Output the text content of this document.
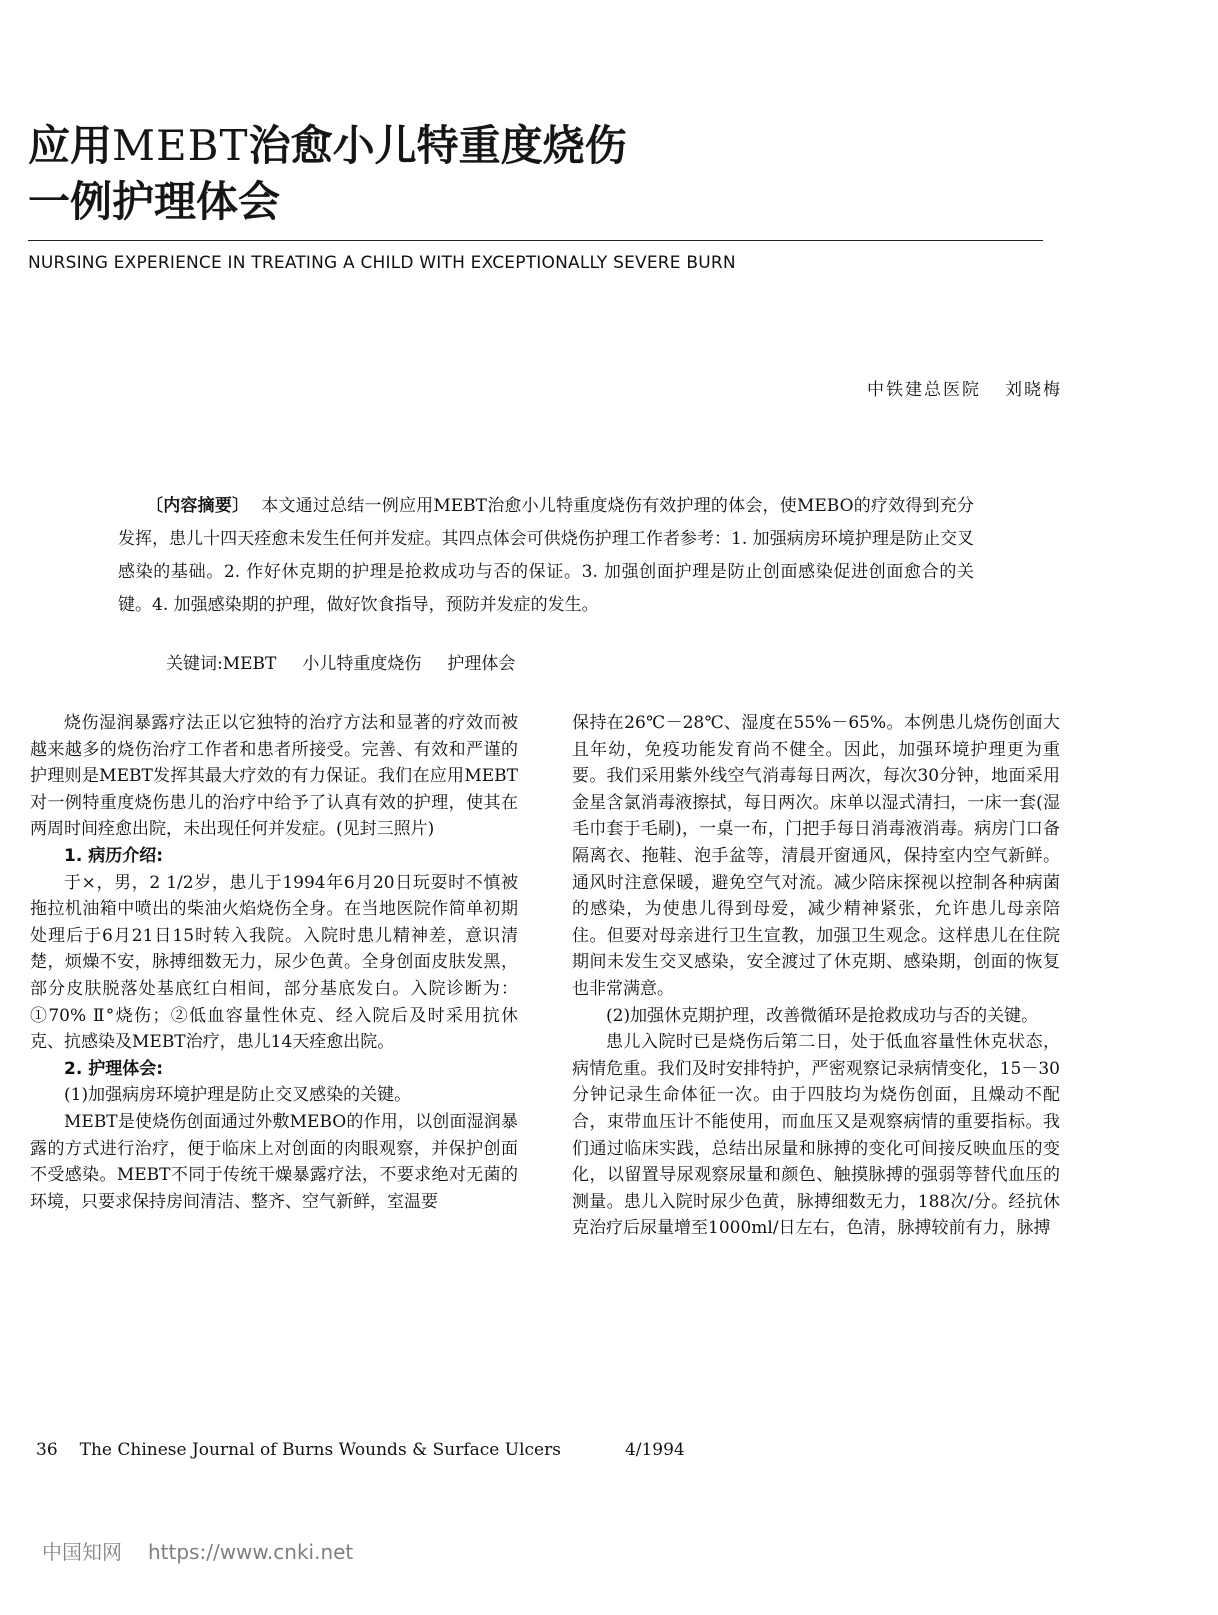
应用MEBT治愈小儿特重度烧伤
一例护理体会
NURSING EXPERIENCE IN TREATING A CHILD WITH EXCEPTIONALLY SEVERE BURN
中铁建总医院 刘晓梅

〔内容摘要〕 本文通过总结一例应用MEBT治愈小儿特重度烧伤有效护理的体会，使MEBO的疗效得到充分发挥，患儿十四天痊愈未发生任何并发症。其四点体会可供烧伤护理工作者参考：1. 加强病房环境护理是防止交叉感染的基础。2. 作好休克期的护理是抢救成功与否的保证。3. 加强创面护理是防止创面感染促进创面愈合的关键。4. 加强感染期的护理，做好饮食指导，预防并发症的发生。

关键词:MEBT 小儿特重度烧伤 护理体会

烧伤湿润暴露疗法正以它独特的治疗方法和显著的疗效而被越来越多的烧伤治疗工作者和患者所接受。完善、有效和严谨的护理则是MEBT发挥其最大疗效的有力保证。我们在应用MEBT对一例特重度烧伤患儿的治疗中给予了认真有效的护理，使其在两周时间痊愈出院，未出现任何并发症。(见封三照片)

1. 病历介绍:

于×，男，2 1/2岁，患儿于1994年6月20日玩耍时不慎被拖拉机油箱中喷出的柴油火焰烧伤全身。在当地医院作简单初期处理后于6月21日15时转入我院。入院时患儿精神差，意识清楚，烦燥不安，脉搏细数无力，尿少色黄。全身创面皮肤发黑，部分皮肤脱落处基底红白相间，部分基底发白。入院诊断为：①70% Ⅱ°烧伤；②低血容量性休克、经入院后及时采用抗休克、抗感染及MEBT治疗，患儿14天痊愈出院。

2. 护理体会:

(1)加强病房环境护理是防止交叉感染的关键。

MEBT是使烧伤创面通过外敷MEBO的作用，以创面湿润暴露的方式进行治疗，便于临床上对创面的肉眼观察，并保护创面不受感染。MEBT不同于传统干燥暴露疗法，不要求绝对无菌的环境，只要求保持房间清洁、整齐、空气新鲜，室温要

保持在26℃－28℃、湿度在55%－65%。本例患儿烧伤创面大且年幼，免疫功能发育尚不健全。因此，加强环境护理更为重要。我们采用紫外线空气消毒每日两次，每次30分钟，地面采用金星含氯消毒液擦拭，每日两次。床单以湿式清扫，一床一套(湿毛巾套于毛刷)，一桌一布，门把手每日消毒液消毒。病房门口备隔离衣、拖鞋、泡手盆等，清晨开窗通风，保持室内空气新鲜。通风时注意保暖，避免空气对流。减少陪床探视以控制各种病菌的感染，为使患儿得到母爱，减少精神紧张，允许患儿母亲陪住。但要对母亲进行卫生宣教，加强卫生观念。这样患儿在住院期间未发生交叉感染，安全渡过了休克期、感染期，创面的恢复也非常满意。

(2)加强休克期护理，改善微循环是抢救成功与否的关键。

患儿入院时已是烧伤后第二日，处于低血容量性休克状态，病情危重。我们及时安排特护，严密观察记录病情变化，15－30分钟记录生命体征一次。由于四肢均为烧伤创面，且燥动不配合，束带血压计不能使用，而血压又是观察病情的重要指标。我们通过临床实践，总结出尿量和脉搏的变化可间接反映血压的变化，以留置导尿观察尿量和颜色、触摸脉搏的强弱等替代血压的测量。患儿入院时尿少色黄，脉搏细数无力，188次/分。经抗休克治疗后尿量增至1000ml/日左右，色清，脉搏较前有力，脉搏

36 The Chinese Journal of Burns Wounds & Surface Ulcers	4/1994
中国知网 https://www.cnki.net
